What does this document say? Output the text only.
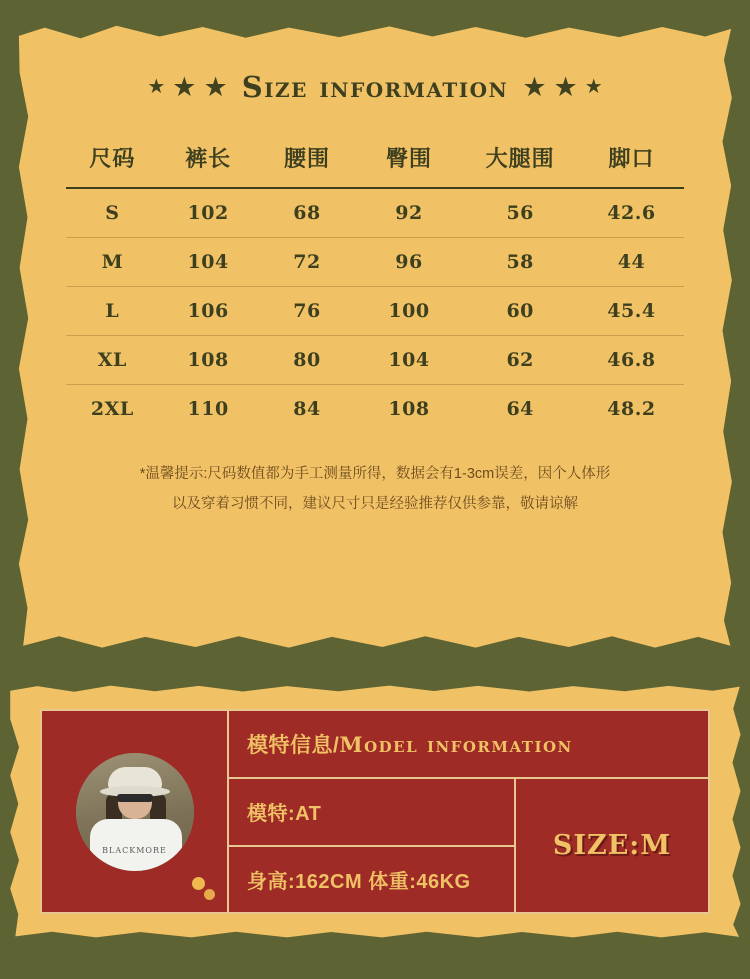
★ ★ ★ Size information ★ ★ ★
尺码	裤长	腰围	臀围	大腿围	脚口
S	102	68	92	56	42.6
M	104	72	96	58	44
L	106	76	100	60	45.4
XL	108	80	104	62	46.8
2XL	110	84	108	64	48.2
*温馨提示:尺码数值都为手工测量所得，数据会有1-3cm误差，因个人体形
以及穿着习惯不同，建议尺寸只是经验推荐仅供参靠，敬请谅解
BLACKMORE
模特信息/ Model information
模特:AT
身高:162CM 体重:46KG
SIZE:M
